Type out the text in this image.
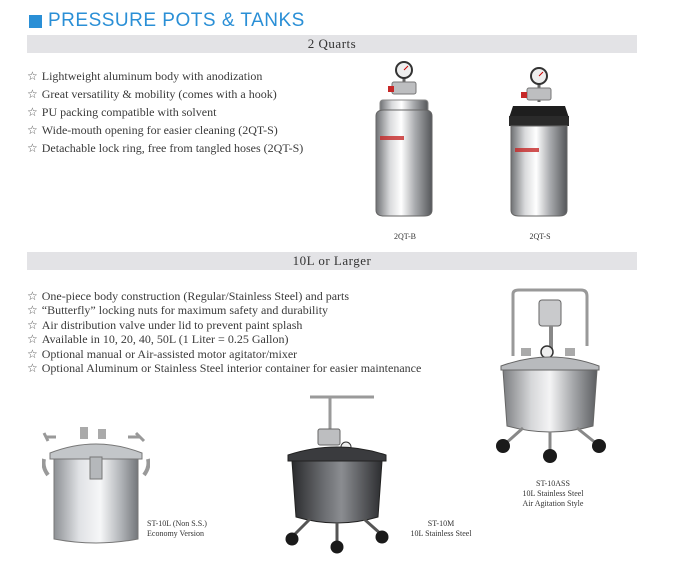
PRESSURE POTS & TANKS
2 Quarts
☆ Lightweight aluminum body with anodization
☆ Great versatility & mobility (comes with a hook)
☆ PU packing compatible with solvent
☆ Wide-mouth opening for easier cleaning (2QT-S)
☆ Detachable lock ring, free from tangled hoses (2QT-S)
2QT-B	2QT-S
10L or Larger
☆ One-piece body construction (Regular/Stainless Steel) and parts
☆ “Butterfly” locking nuts for maximum safety and durability
☆ Air distribution valve under lid to prevent paint splash
☆ Available in 10, 20, 40, 50L (1 Liter = 0.25 Gallon)
☆ Optional manual or Air-assisted motor agitator/mixer
☆ Optional Aluminum or Stainless Steel interior container for easier maintenance
ST-10ASS
10L Stainless Steel
Air Agitation Style
ST-10L (Non S.S.)
Economy Version
ST-10M
10L Stainless Steel
